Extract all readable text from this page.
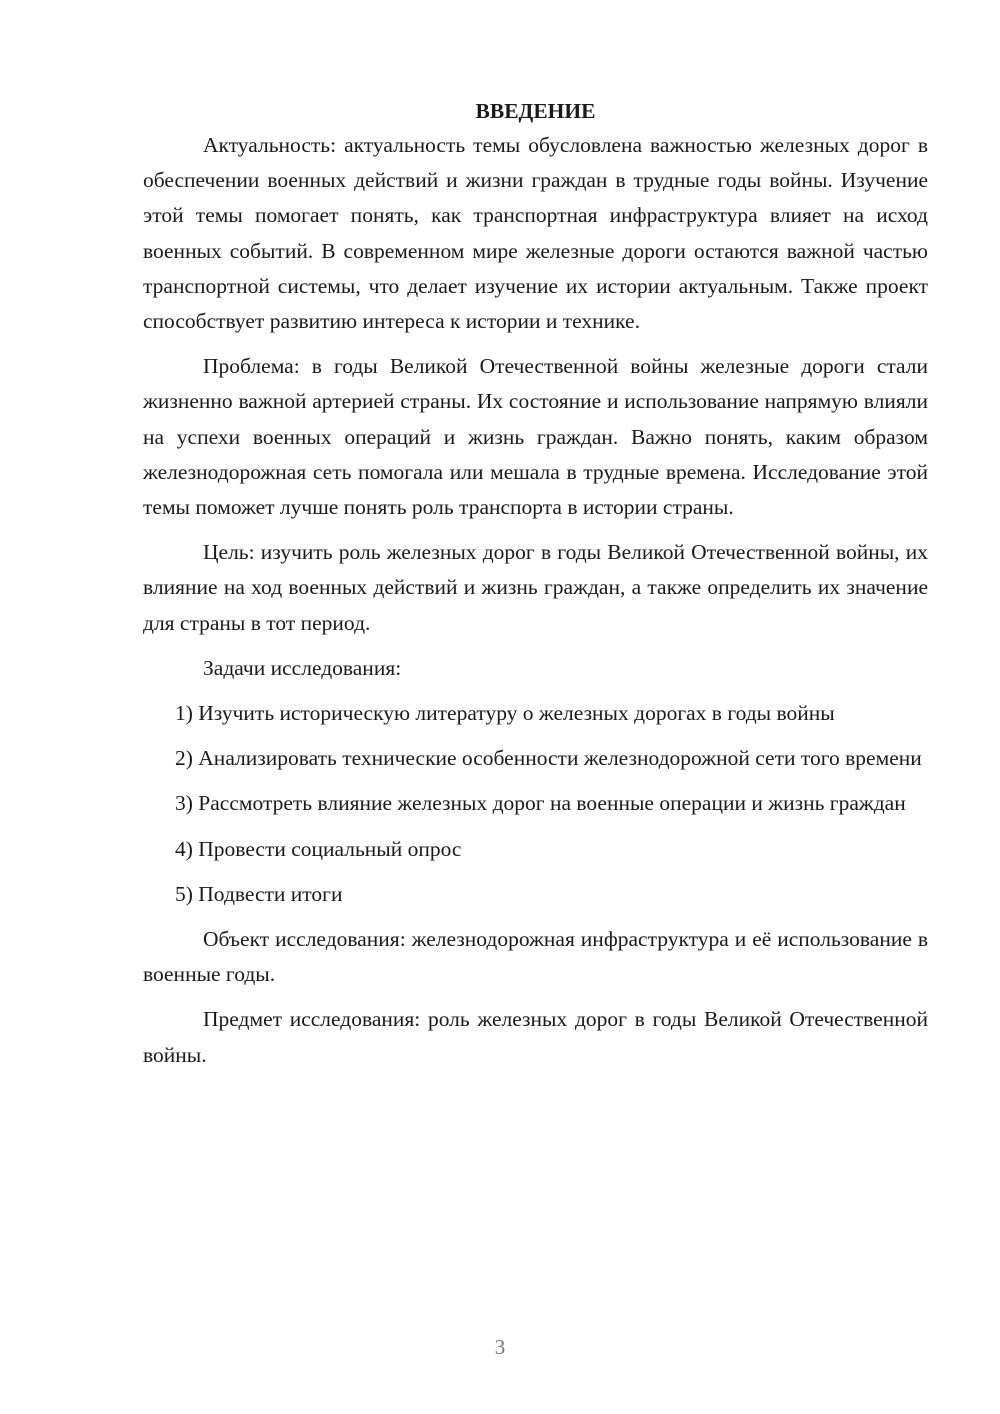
ВВЕДЕНИЕ

Актуальность: актуальность темы обусловлена важностью железных дорог в обеспечении военных действий и жизни граждан в трудные годы войны. Изучение этой темы помогает понять, как транспортная инфраструктура влияет на исход военных событий. В современном мире железные дороги остаются важной частью транспортной системы, что делает изучение их истории актуальным. Также проект способствует развитию интереса к истории и технике.

Проблема: в годы Великой Отечественной войны железные дороги стали жизненно важной артерией страны. Их состояние и использование напрямую влияли на успехи военных операций и жизнь граждан. Важно понять, каким образом железнодорожная сеть помогала или мешала в трудные времена. Исследование этой темы поможет лучше понять роль транспорта в истории страны.

Цель: изучить роль железных дорог в годы Великой Отечественной войны, их влияние на ход военных действий и жизнь граждан, а также определить их значение для страны в тот период.

Задачи исследования:

1) Изучить историческую литературу о железных дорогах в годы войны

2) Анализировать технические особенности железнодорожной сети того времени

3) Рассмотреть влияние железных дорог на военные операции и жизнь граждан

4) Провести социальный опрос

5) Подвести итоги

Объект исследования: железнодорожная инфраструктура и её использование в военные годы.

Предмет исследования: роль железных дорог в годы Великой Отечественной войны.

3
